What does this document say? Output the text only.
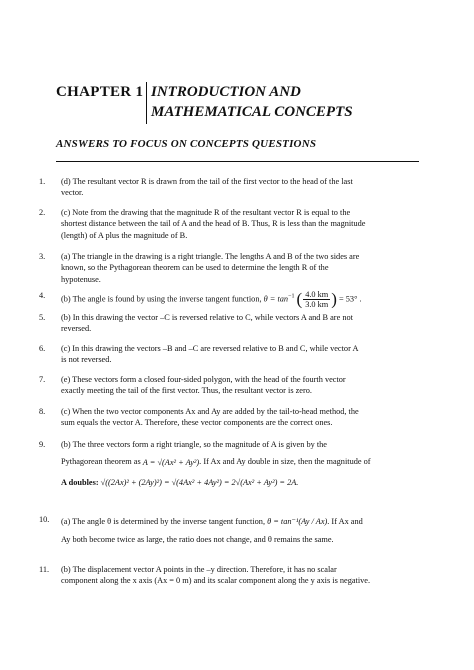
CHAPTER 1 INTRODUCTION AND
MATHEMATICAL CONCEPTS
ANSWERS TO FOCUS ON CONCEPTS QUESTIONS
1. (d) The resultant vector R is drawn from the tail of the first vector to the head of the last
vector.
2. (c) Note from the drawing that the magnitude R of the resultant vector R is equal to the
shortest distance between the tail of A and the head of B. Thus, R is less than the magnitude
(length) of A plus the magnitude of B.
3. (a) The triangle in the drawing is a right triangle. The lengths A and B of the two sides are
known, so the Pythagorean theorem can be used to determine the length R of the
hypotenuse.
4. (b) The angle is found by using the inverse tangent function, $\theta = \tan^{-1}$ ( $\frac{4.0 km}{3.0 km}$ ) = 53° .
5. (b) In this drawing the vector –C is reversed relative to C, while vectors A and B are not
reversed.
6. (c) In this drawing the vectors –B and –C are reversed relative to B and C, while vector A
is not reversed.
7. (e) These vectors form a closed four-sided polygon, with the head of the fourth vector
exactly meeting the tail of the first vector. Thus, the resultant vector is zero.
8. (c) When the two vector components Ax and Ay are added by the tail-to-head method, the
sum equals the vector A. Therefore, these vector components are the correct ones.
9. (b) The three vectors form a right triangle, so the magnitude of A is given by the
Pythagorean theorem as A = √(Ax² + Ay²). If Ax and Ay double in size, then the magnitude of
A doubles: √((2Ax)² + (2Ay)²) = √(4Ax² + 4Ay²) = 2√(Ax² + Ay²) = 2A.
10. (a) The angle θ is determined by the inverse tangent function, θ = tan⁻¹(Ay / Ax). If Ax and
Ay both become twice as large, the ratio does not change, and θ remains the same.
11. (b) The displacement vector A points in the –y direction. Therefore, it has no scalar
component along the x axis (Ax = 0 m) and its scalar component along the y axis is negative.
